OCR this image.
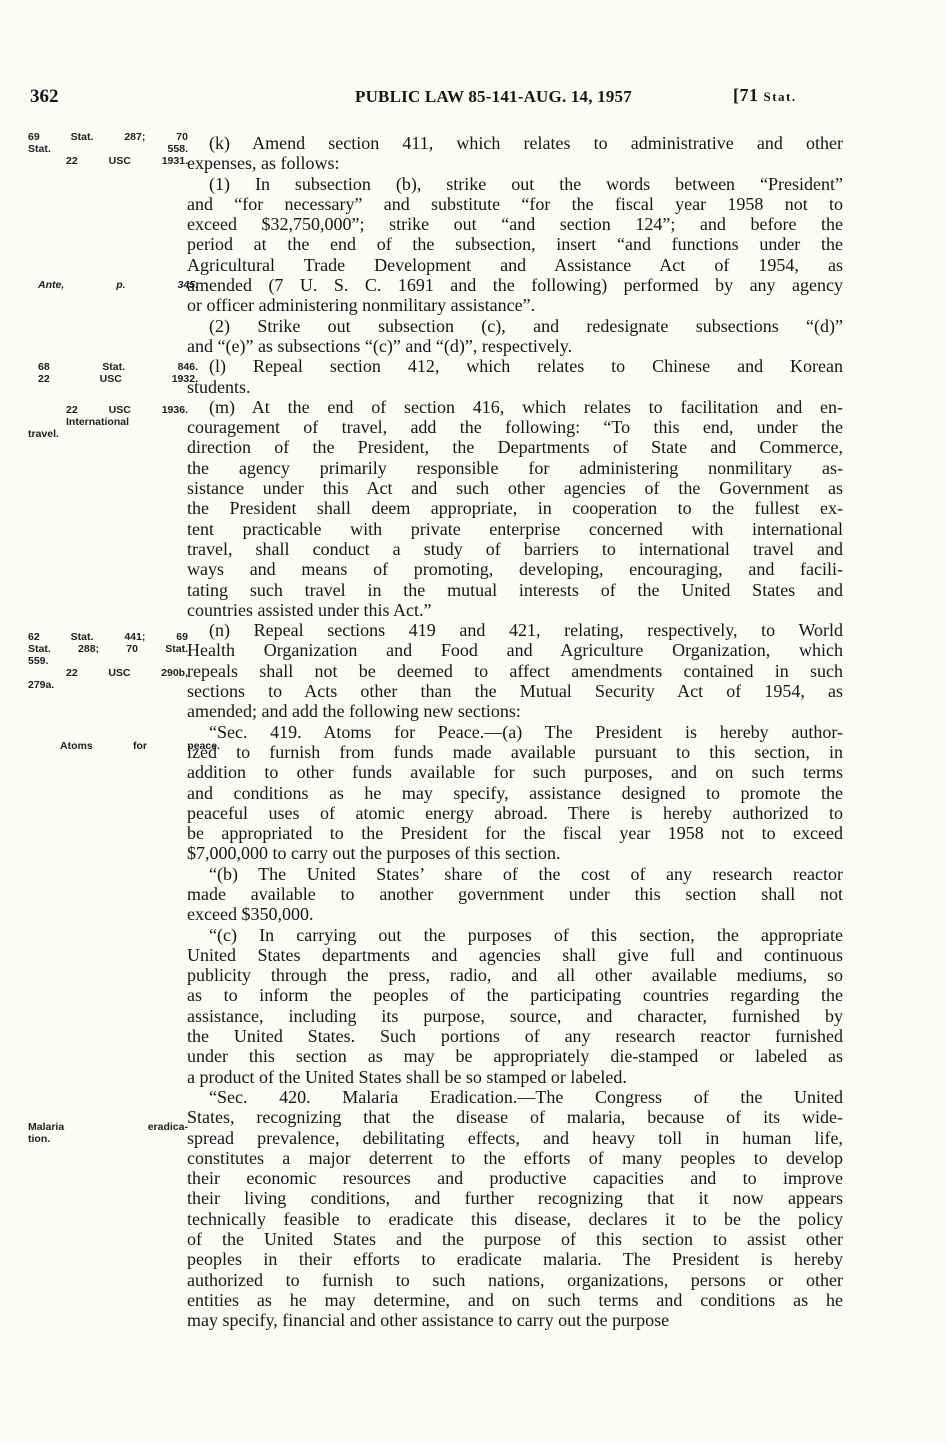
362	PUBLIC LAW 85-141-AUG. 14, 1957	[71 Stat.
69 Stat. 287; 70
Stat. 558.
22 USC 1931.
Ante, p. 345.
68 Stat. 846.
22 USC 1932.
22 USC 1936.
International
travel.
62 Stat. 441; 69
Stat. 288; 70 Stat.
559.
22 USC 290b,
279a.
Atoms for peace.
Malaria eradica-
tion.
(k) Amend section 411, which relates to administrative and other
expenses, as follows:
(1) In subsection (b), strike out the words between “President”
and “for necessary” and substitute “for the fiscal year 1958 not to
exceed $32,750,000”; strike out “and section 124”; and before the
period at the end of the subsection, insert “and functions under the
Agricultural Trade Development and Assistance Act of 1954, as
amended (7 U. S. C. 1691 and the following) performed by any agency
or officer administering nonmilitary assistance”.
(2) Strike out subsection (c), and redesignate subsections “(d)”
and “(e)” as subsections “(c)” and “(d)”, respectively.
(l) Repeal section 412, which relates to Chinese and Korean
students.
(m) At the end of section 416, which relates to facilitation and en-
couragement of travel, add the following: “To this end, under the
direction of the President, the Departments of State and Commerce,
the agency primarily responsible for administering nonmilitary as-
sistance under this Act and such other agencies of the Government as
the President shall deem appropriate, in cooperation to the fullest ex-
tent practicable with private enterprise concerned with international
travel, shall conduct a study of barriers to international travel and
ways and means of promoting, developing, encouraging, and facili-
tating such travel in the mutual interests of the United States and
countries assisted under this Act.”
(n) Repeal sections 419 and 421, relating, respectively, to World
Health Organization and Food and Agriculture Organization, which
repeals shall not be deemed to affect amendments contained in such
sections to Acts other than the Mutual Security Act of 1954, as
amended; and add the following new sections:
“Sec. 419. Atoms for Peace.—(a) The President is hereby author-
ized to furnish from funds made available pursuant to this section, in
addition to other funds available for such purposes, and on such terms
and conditions as he may specify, assistance designed to promote the
peaceful uses of atomic energy abroad. There is hereby authorized to
be appropriated to the President for the fiscal year 1958 not to exceed
$7,000,000 to carry out the purposes of this section.
“(b) The United States’ share of the cost of any research reactor
made available to another government under this section shall not
exceed $350,000.
“(c) In carrying out the purposes of this section, the appropriate
United States departments and agencies shall give full and continuous
publicity through the press, radio, and all other available mediums, so
as to inform the peoples of the participating countries regarding the
assistance, including its purpose, source, and character, furnished by
the United States. Such portions of any research reactor furnished
under this section as may be appropriately die-stamped or labeled as
a product of the United States shall be so stamped or labeled.
“Sec. 420. Malaria Eradication.—The Congress of the United
States, recognizing that the disease of malaria, because of its wide-
spread prevalence, debilitating effects, and heavy toll in human life,
constitutes a major deterrent to the efforts of many peoples to develop
their economic resources and productive capacities and to improve
their living conditions, and further recognizing that it now appears
technically feasible to eradicate this disease, declares it to be the policy
of the United States and the purpose of this section to assist other
peoples in their efforts to eradicate malaria. The President is hereby
authorized to furnish to such nations, organizations, persons or other
entities as he may determine, and on such terms and conditions as he
may specify, financial and other assistance to carry out the purpose
